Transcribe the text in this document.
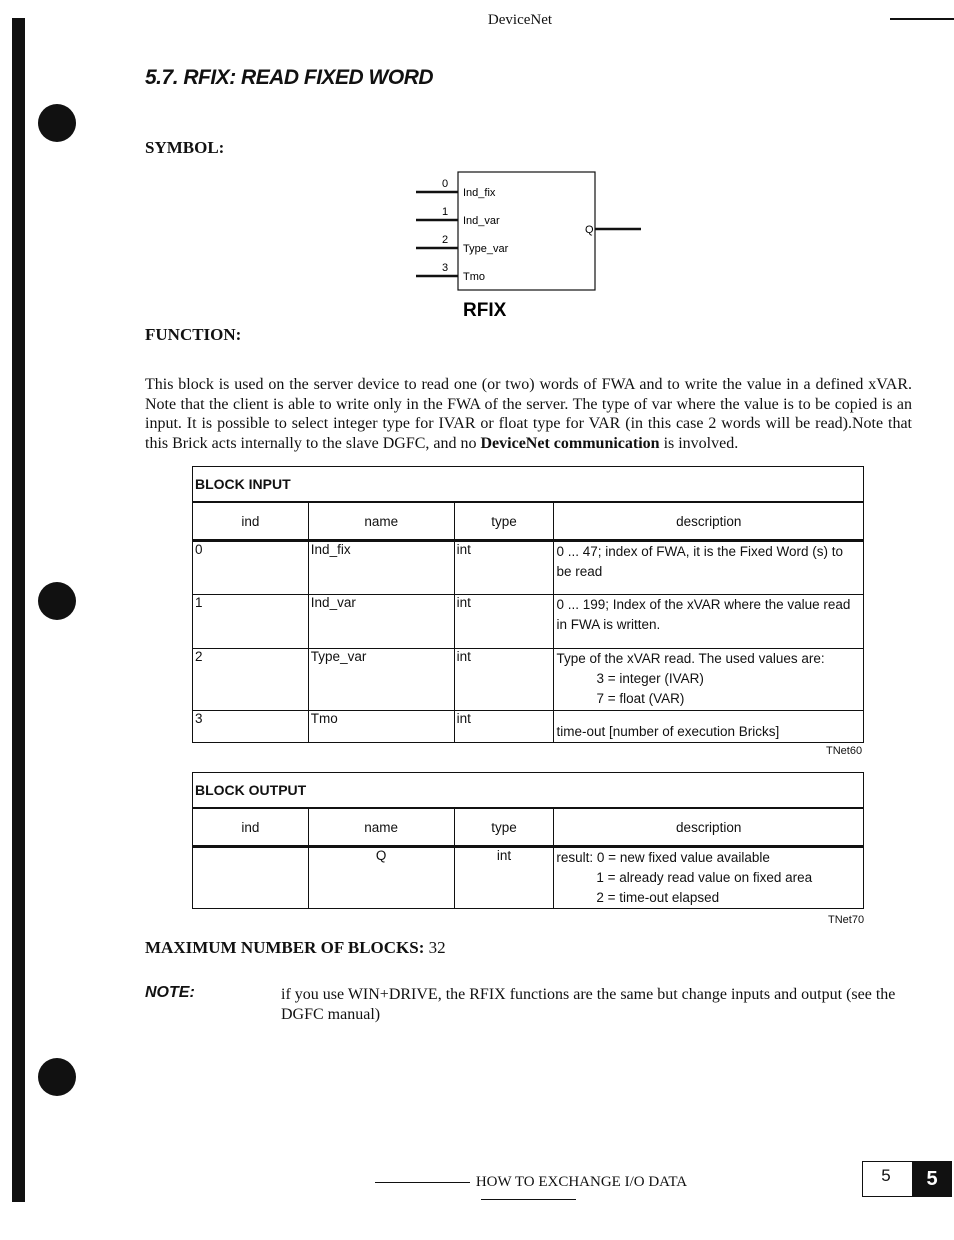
DeviceNet
5.7. RFIX: READ FIXED WORD
SYMBOL:
0
Ind_fix
1
Ind_var
2
Type_var
3
Tmo
Q
RFIX
FUNCTION:
This block is used on the server device to read one (or two) words of FWA and to write the value in a defined xVAR. Note that the client is able to write only in the FWA of the server. The type of var where the value is to be copied is an input. It is possible to select integer type for IVAR or float type for VAR (in this case 2 words will be read).Note that this Brick acts internally to the slave DGFC, and no DeviceNet communication is involved.
BLOCK INPUT			
ind	name	type	description
0	Ind_fix	int	0 ... 47; index of FWA, it is the Fixed Word (s) to
be read

1	Ind_var	int	0 ... 199; Index of the xVAR where the value read
in FWA is written.

2	Type_var	int	Type of the xVAR read. The used values are:
3 = integer (IVAR)
7 = float (VAR)

3	Tmo	int	time-out [number of execution Bricks]
TNet60
BLOCK OUTPUT			
ind	name	type	description
	Q	int	result: 0 = new fixed value available
1 = already read value on fixed area
2 = time-out elapsed
TNet70
MAXIMUM NUMBER OF BLOCKS: 32
NOTE:	if you use WIN+DRIVE, the RFIX functions are the same but change inputs and output (see the DGFC manual)
HOW TO EXCHANGE I/O DATA	5	5
